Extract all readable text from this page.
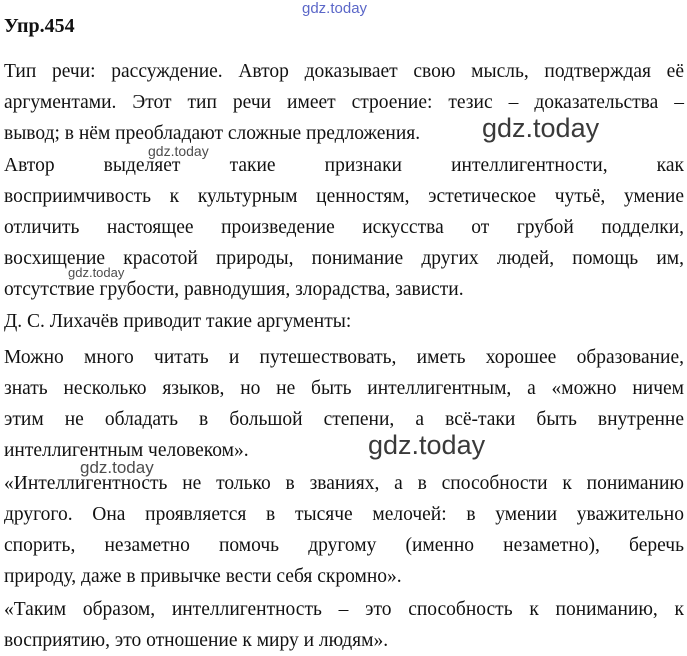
gdz.today
Упр.454

Тип речи: рассуждение. Автор доказывает свою мысль, подтверждая её
аргументами. Этот тип речи имеет строение: тезис – доказательства –
вывод; в нём преобладают сложные предложения.

Автор выделяет такие признаки интеллигентности, как
восприимчивость к культурным ценностям, эстетическое чутьё, умение
отличить настоящее произведение искусства от грубой подделки,
восхищение красотой природы, понимание других людей, помощь им,
отсутствие грубости, равнодушия, злорадства, зависти.

Д. С. Лихачёв приводит такие аргументы:

Можно много читать и путешествовать, иметь хорошее образование,
знать несколько языков, но не быть интеллигентным, а «можно ничем
этим не обладать в большой степени, а всё-таки быть внутренне
интеллигентным человеком».

«Интеллигентность не только в званиях, а в способности к пониманию
другого. Она проявляется в тысяче мелочей: в умении уважительно
спорить, незаметно помочь другому (именно незаметно), беречь
природу, даже в привычке вести себя скромно».

«Таким образом, интеллигентность – это способность к пониманию, к
восприятию, это отношение к миру и людям».

gdz.today
gdz.today
gdz.today
gdz.today
gdz.today
